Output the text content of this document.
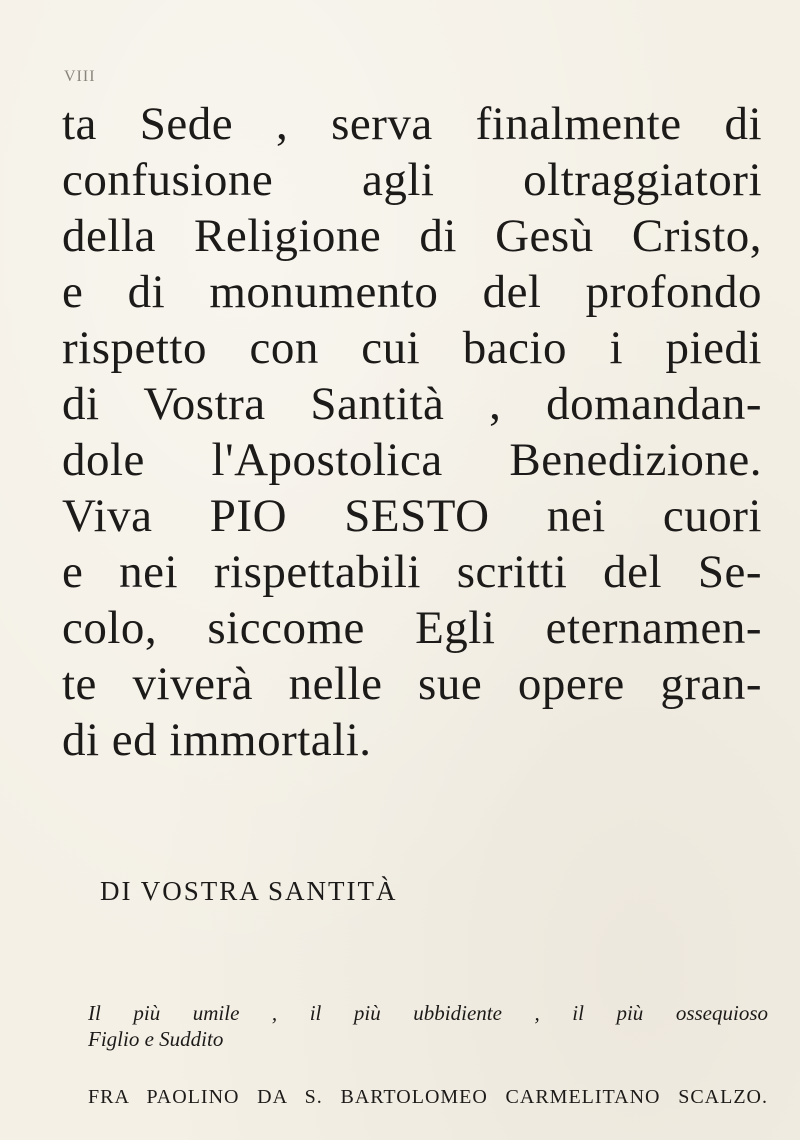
VIII
ta Sede , serva finalmente di
confusione agli oltraggiatori
della Religione di Gesù Cristo,
e di monumento del profondo
rispetto con cui bacio i piedi
di Vostra Santità , domandan-
dole l'Apostolica Benedizione.
Viva PIO SESTO nei cuori
e nei rispettabili scritti del Se-
colo, siccome Egli eternamen-
te viverà nelle sue opere gran-
di ed immortali.
DI VOSTRA SANTITÀ
Il più umile , il più ubbidiente , il più ossequioso
Figlio e Suddito
FRA PAOLINO DA S. BARTOLOMEO CARMELITANO SCALZO.
